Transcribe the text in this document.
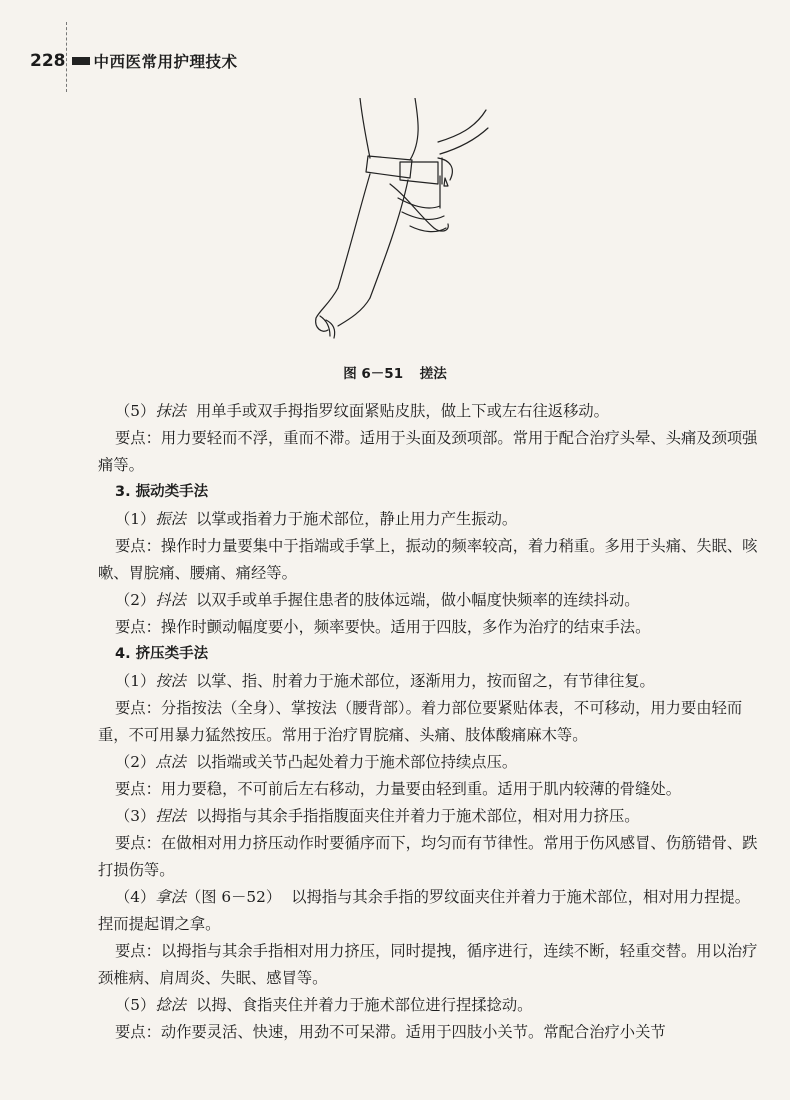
228 中西医常用护理技术
图 6－51 搓法

（5）抹法 用单手或双手拇指罗纹面紧贴皮肤，做上下或左右往返移动。

要点：用力要轻而不浮，重而不滞。适用于头面及颈项部。常用于配合治疗头晕、头痛及颈项强痛等。

3. 振动类手法

（1）振法 以掌或指着力于施术部位，静止用力产生振动。

要点：操作时力量要集中于指端或手掌上，振动的频率较高，着力稍重。多用于头痛、失眠、咳嗽、胃脘痛、腰痛、痛经等。

（2）抖法 以双手或单手握住患者的肢体远端，做小幅度快频率的连续抖动。

要点：操作时颤动幅度要小，频率要快。适用于四肢，多作为治疗的结束手法。

4. 挤压类手法

（1）按法 以掌、指、肘着力于施术部位，逐渐用力，按而留之，有节律往复。

要点：分指按法（全身）、掌按法（腰背部）。着力部位要紧贴体表，不可移动，用力要由轻而重，不可用暴力猛然按压。常用于治疗胃脘痛、头痛、肢体酸痛麻木等。

（2）点法 以指端或关节凸起处着力于施术部位持续点压。

要点：用力要稳，不可前后左右移动，力量要由轻到重。适用于肌内较薄的骨缝处。

（3）捏法 以拇指与其余手指指腹面夹住并着力于施术部位，相对用力挤压。

要点：在做相对用力挤压动作时要循序而下，均匀而有节律性。常用于伤风感冒、伤筋错骨、跌打损伤等。

（4）拿法（图 6－52） 以拇指与其余手指的罗纹面夹住并着力于施术部位，相对用力捏提。捏而提起谓之拿。

要点：以拇指与其余手指相对用力挤压，同时提拽，循序进行，连续不断，轻重交替。用以治疗颈椎病、肩周炎、失眠、感冒等。

（5）捻法 以拇、食指夹住并着力于施术部位进行捏揉捻动。

要点：动作要灵活、快速，用劲不可呆滞。适用于四肢小关节。常配合治疗小关节
